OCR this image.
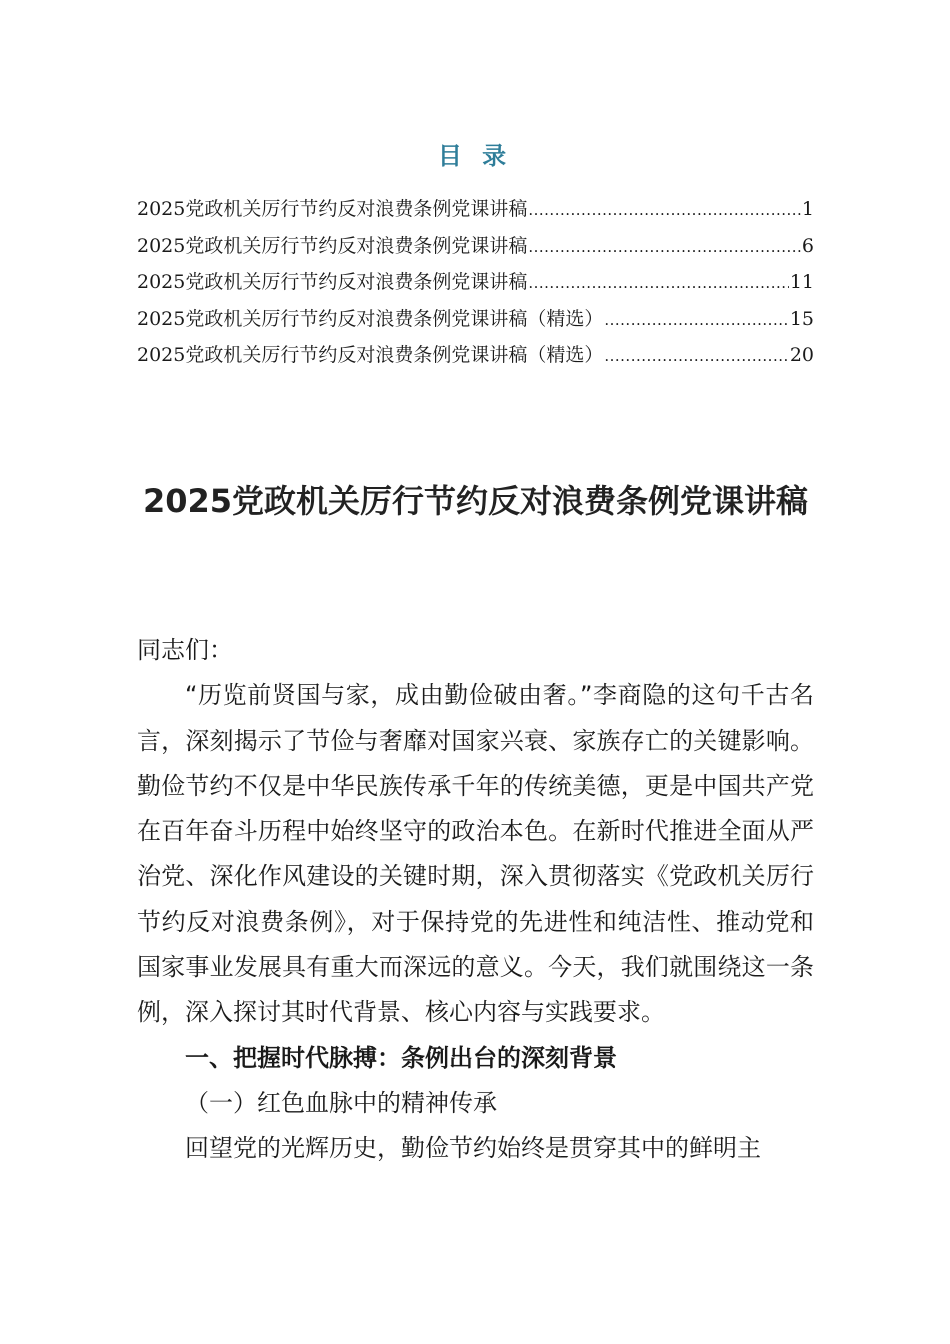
目 录
2025党政机关厉行节约反对浪费条例党课讲稿 .....	1
2025党政机关厉行节约反对浪费条例党课讲稿 .....	6
2025党政机关厉行节约反对浪费条例党课讲稿 .....	11
2025党政机关厉行节约反对浪费条例党课讲稿（精选） .....	15
2025党政机关厉行节约反对浪费条例党课讲稿（精选） .....	20
2025党政机关厉行节约反对浪费条例党课讲稿

同志们：

“历览前贤国与家，成由勤俭破由奢。”李商隐的这句千古名言，深刻揭示了节俭与奢靡对国家兴衰、家族存亡的关键影响。勤俭节约不仅是中华民族传承千年的传统美德，更是中国共产党在百年奋斗历程中始终坚守的政治本色。在新时代推进全面从严治党、深化作风建设的关键时期，深入贯彻落实《党政机关厉行节约反对浪费条例》，对于保持党的先进性和纯洁性、推动党和国家事业发展具有重大而深远的意义。今天，我们就围绕这一条例，深入探讨其时代背景、核心内容与实践要求。

一、把握时代脉搏：条例出台的深刻背景

（一）红色血脉中的精神传承

回望党的光辉历史，勤俭节约始终是贯穿其中的鲜明主
